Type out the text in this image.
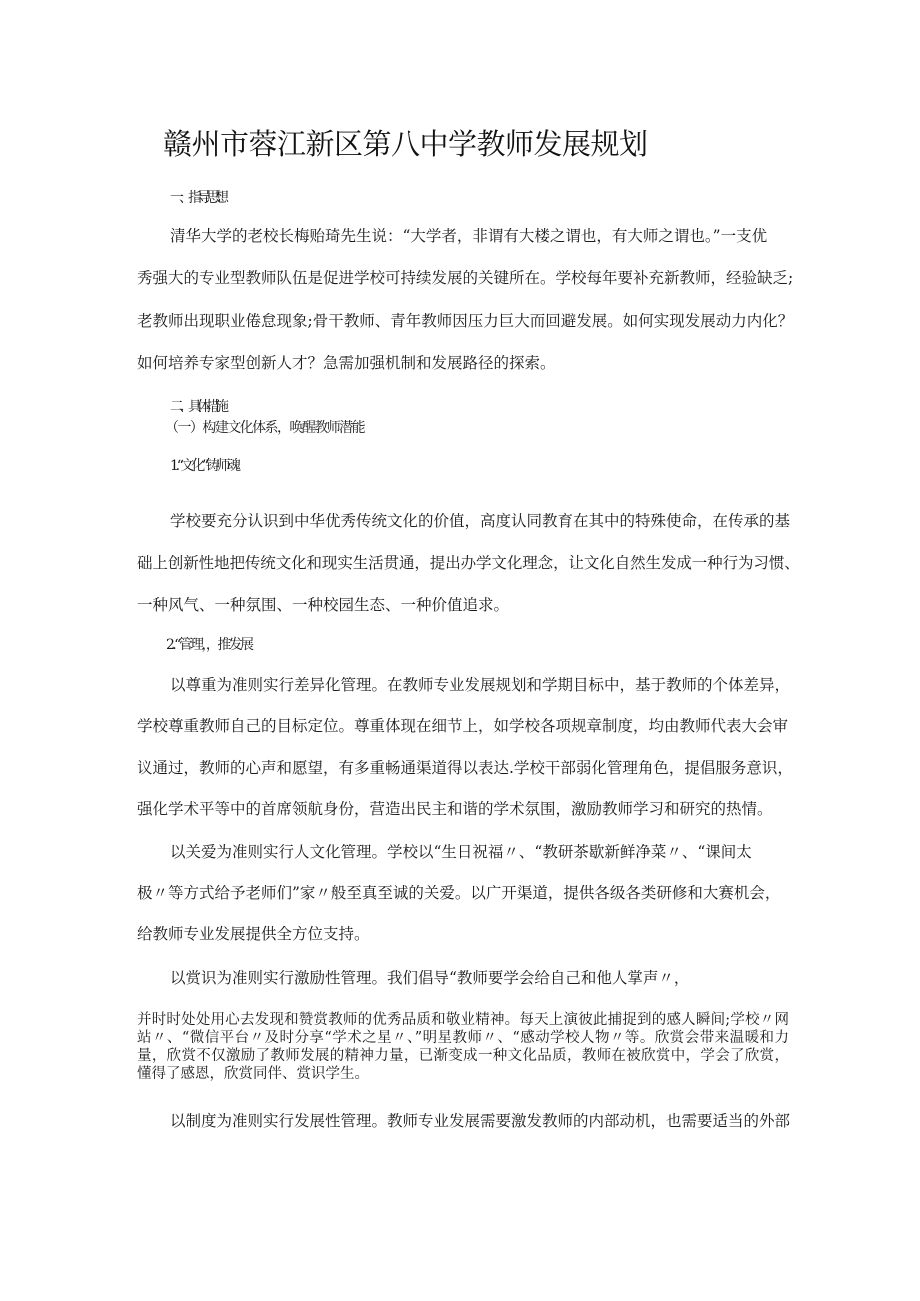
赣州市蓉江新区第八中学教师发展规划

一、指导思想

清华大学的老校长梅贻琦先生说：“大学者，非谓有大楼之谓也，有大师之谓也。”一支优

秀强大的专业型教师队伍是促进学校可持续发展的关键所在。学校每年要补充新教师，经验缺乏;

老教师出现职业倦怠现象;骨干教师、青年教师因压力巨大而回避发展。如何实现发展动力内化？

如何培养专家型创新人才？急需加强机制和发展路径的探索。

二、具体措施

（一）构建文化体系，唤醒教师潜能

1.“文化”铸师魂

学校要充分认识到中华优秀传统文化的价值，高度认同教育在其中的特殊使命，在传承的基

础上创新性地把传统文化和现实生活贯通，提出办学文化理念，让文化自然生发成一种行为习惯、

一种风气、一种氛围、一种校园生态、一种价值追求。

2.“管理，，推发展

以尊重为准则实行差异化管理。在教师专业发展规划和学期目标中，基于教师的个体差异，

学校尊重教师自己的目标定位。尊重体现在细节上，如学校各项规章制度，均由教师代表大会审

议通过，教师的心声和愿望，有多重畅通渠道得以表达.学校干部弱化管理角色，提倡服务意识，

强化学术平等中的首席领航身份，营造出民主和谐的学术氛围，激励教师学习和研究的热情。

以关爱为准则实行人文化管理。学校以“生日祝福〃、“教研茶歇新鲜净菜〃、“课间太

极〃等方式给予老师们”家〃般至真至诚的关爱。以广开渠道，提供各级各类研修和大赛机会，

给教师专业发展提供全方位支持。

以赏识为准则实行激励性管理。我们倡导“教师要学会给自己和他人掌声〃，

并时时处处用心去发现和赞赏教师的优秀品质和敬业精神。每天上演彼此捕捉到的感人瞬间;学校〃网站〃、“微信平台〃及时分享“学术之星〃、”明星教师〃、“感动学校人物〃等。欣赏会带来温暖和力量，欣赏不仅激励了教师发展的精神力量，已渐变成一种文化品质，教师在被欣赏中，学会了欣赏，懂得了感恩，欣赏同伴、赏识学生。

以制度为准则实行发展性管理。教师专业发展需要激发教师的内部动机，也需要适当的外部
